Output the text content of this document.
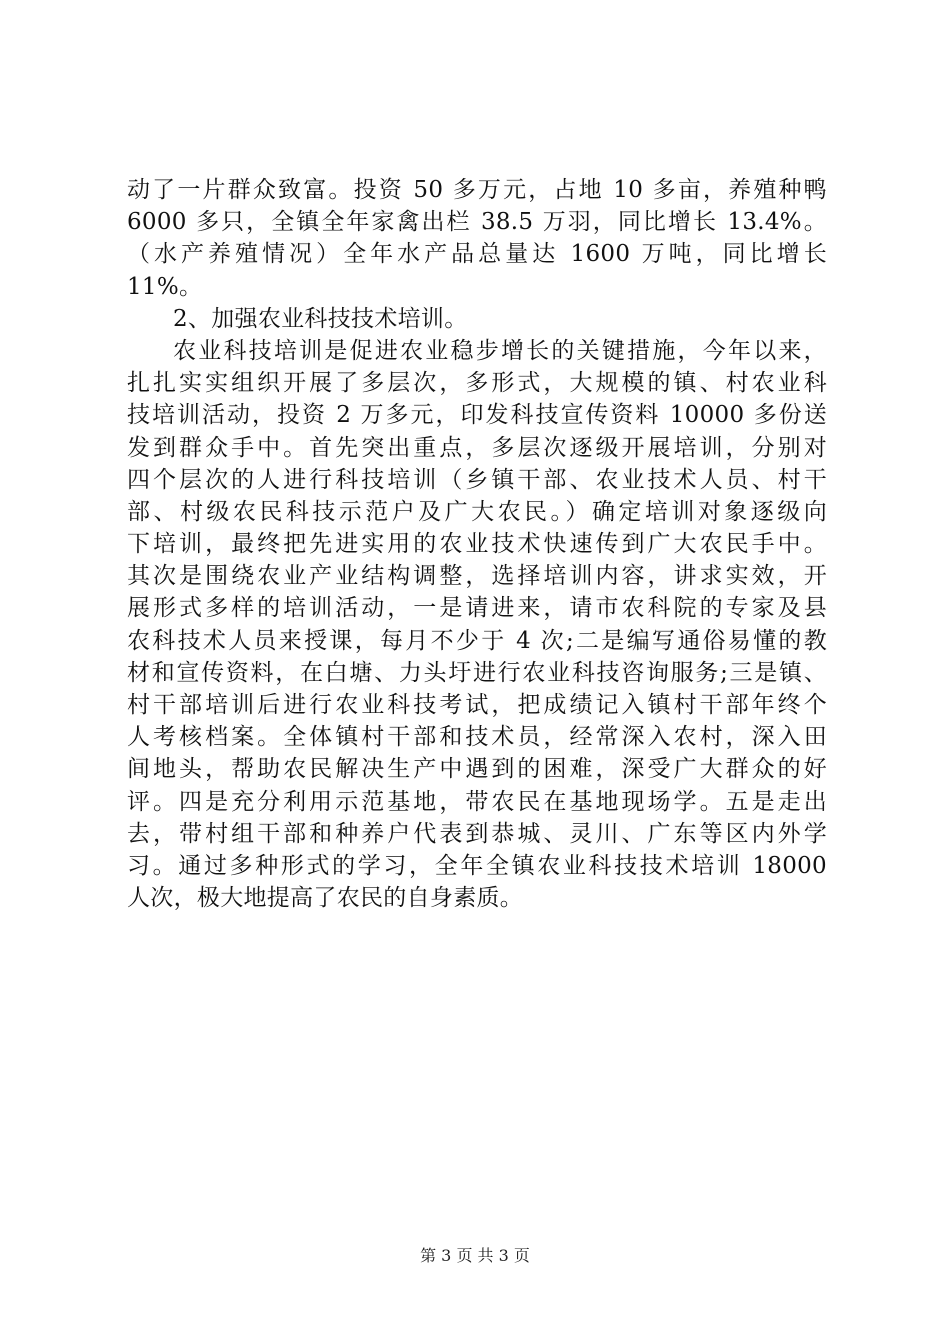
动了一片群众致富。投资 50 多万元，占地 10 多亩，养殖种鸭
6000 多只，全镇全年家禽出栏 38.5 万羽，同比增长 13.4%。
（水产养殖情况）全年水产品总量达 1600 万吨，同比增长
11%。
2、加强农业科技技术培训。
农业科技培训是促进农业稳步增长的关键措施，今年以来，
扎扎实实组织开展了多层次，多形式，大规模的镇、村农业科
技培训活动，投资 2 万多元，印发科技宣传资料 10000 多份送
发到群众手中。首先突出重点，多层次逐级开展培训，分别对
四个层次的人进行科技培训（乡镇干部、农业技术人员、村干
部、村级农民科技示范户及广大农民。）确定培训对象逐级向
下培训，最终把先进实用的农业技术快速传到广大农民手中。
其次是围绕农业产业结构调整，选择培训内容，讲求实效，开
展形式多样的培训活动，一是请进来，请市农科院的专家及县
农科技术人员来授课，每月不少于 4 次;二是编写通俗易懂的教
材和宣传资料，在白塘、力头圩进行农业科技咨询服务;三是镇、
村干部培训后进行农业科技考试，把成绩记入镇村干部年终个
人考核档案。全体镇村干部和技术员，经常深入农村，深入田
间地头，帮助农民解决生产中遇到的困难，深受广大群众的好
评。四是充分利用示范基地，带农民在基地现场学。五是走出
去，带村组干部和种养户代表到恭城、灵川、广东等区内外学
习。通过多种形式的学习，全年全镇农业科技技术培训 18000
人次，极大地提高了农民的自身素质。
第 3 页 共 3 页
